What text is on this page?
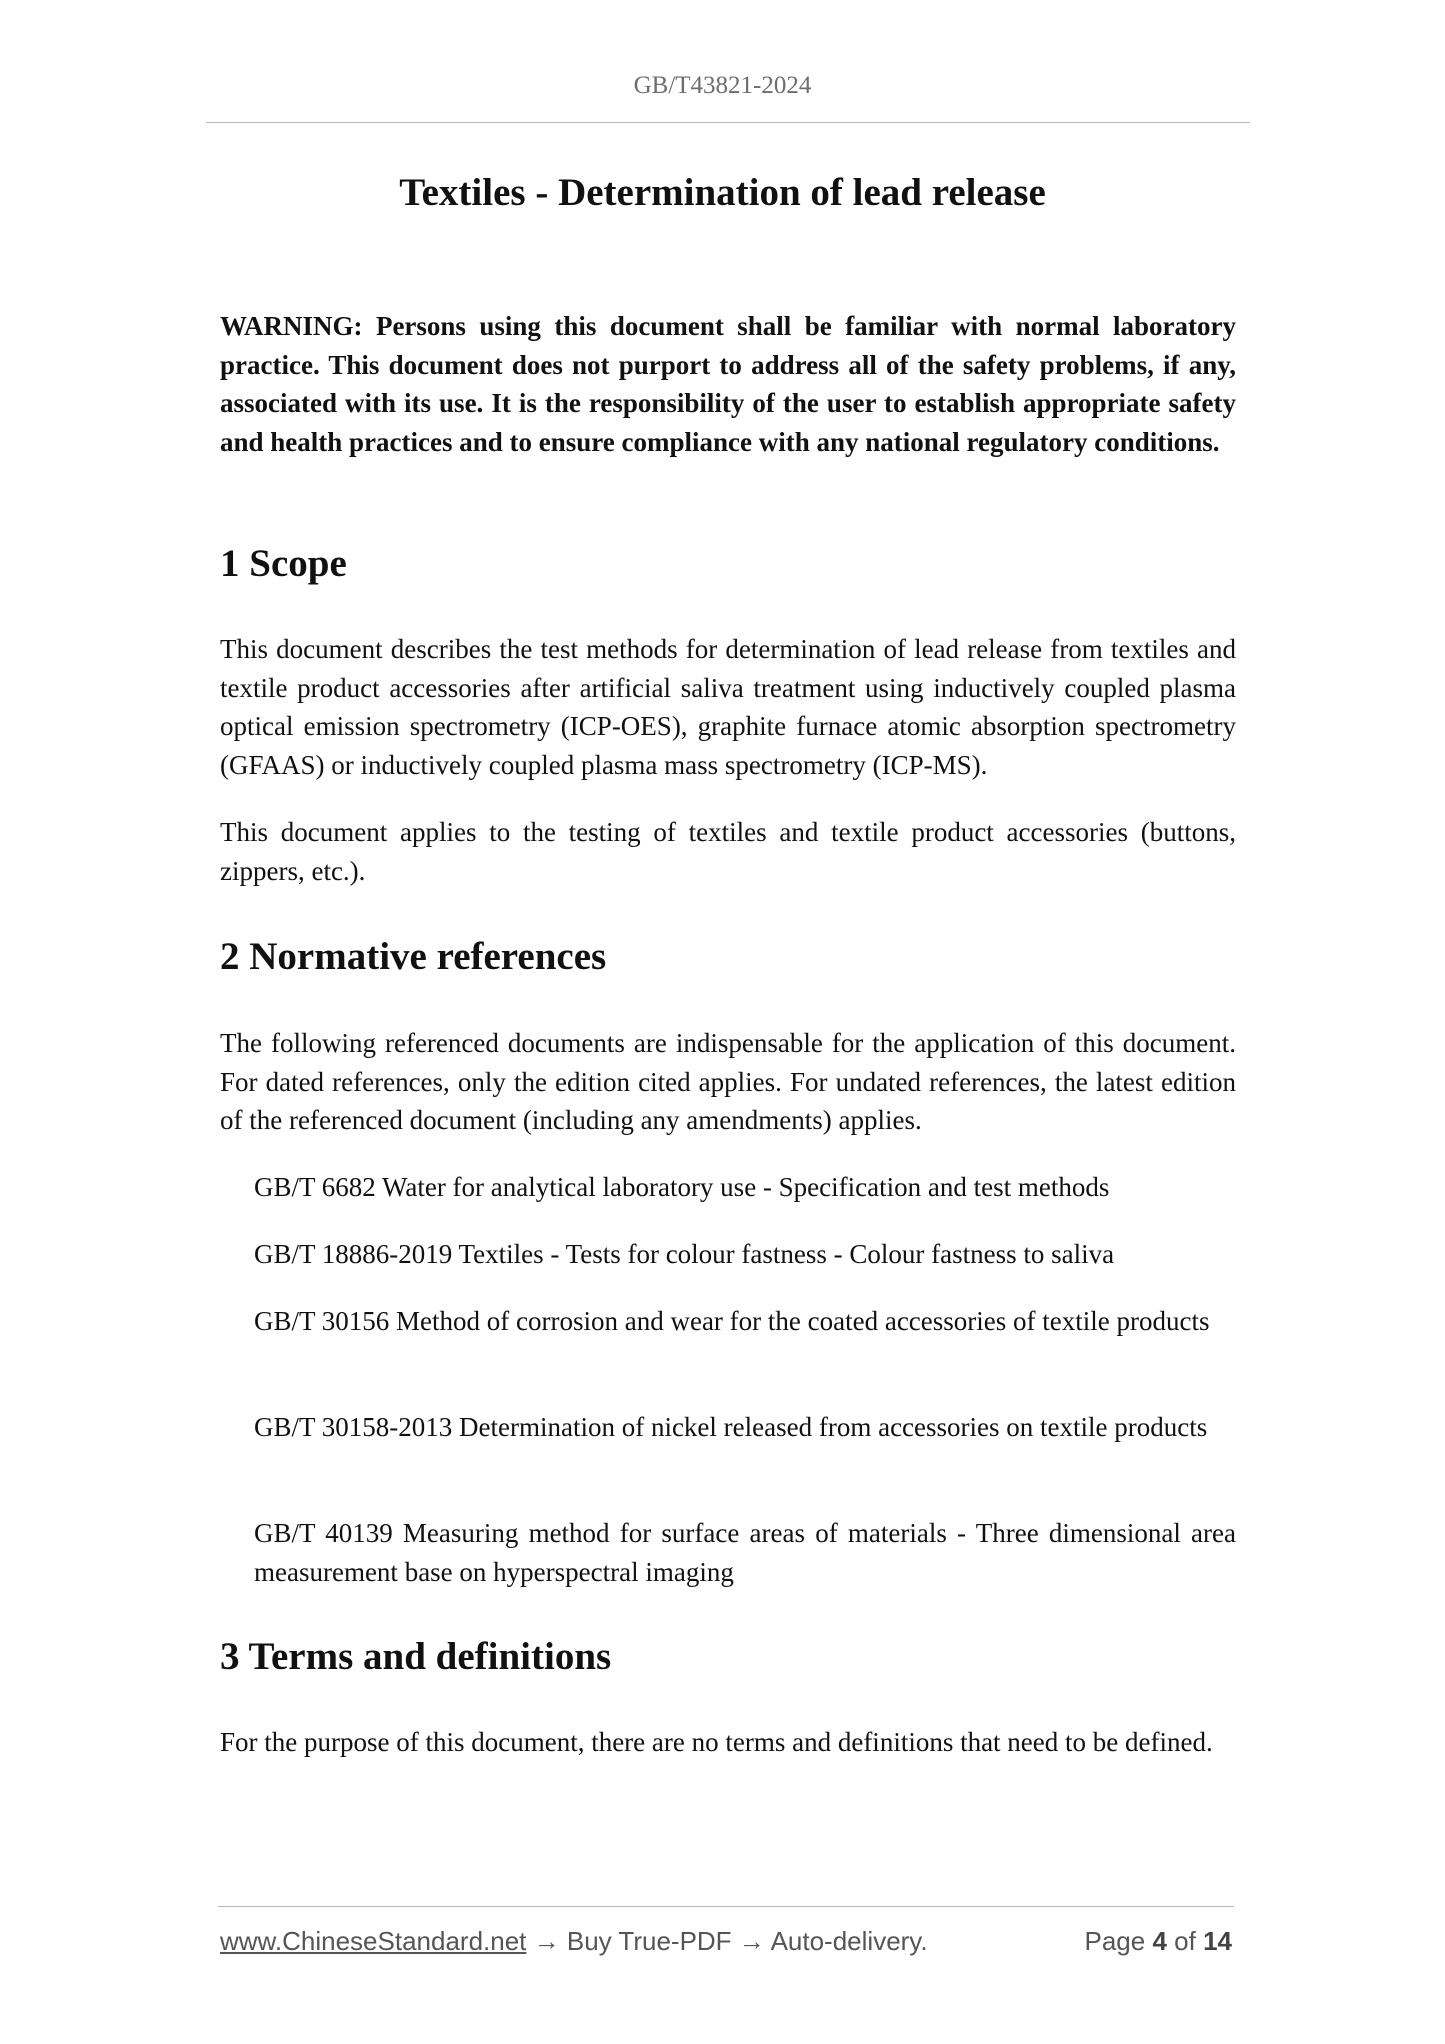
GB/T43821-2024
Textiles - Determination of lead release

WARNING: Persons using this document shall be familiar with normal laboratory practice. This document does not purport to address all of the safety problems, if any, associated with its use. It is the responsibility of the user to establish appropriate safety and health practices and to ensure compliance with any national regulatory conditions.

1 Scope

This document describes the test methods for determination of lead release from textiles and textile product accessories after artificial saliva treatment using inductively coupled plasma optical emission spectrometry (ICP-OES), graphite furnace atomic absorption spectrometry (GFAAS) or inductively coupled plasma mass spectrometry (ICP-MS).

This document applies to the testing of textiles and textile product accessories (buttons, zippers, etc.).

2 Normative references

The following referenced documents are indispensable for the application of this document. For dated references, only the edition cited applies. For undated references, the latest edition of the referenced document (including any amendments) applies.

GB/T 6682 Water for analytical laboratory use - Specification and test methods

GB/T 18886-2019 Textiles - Tests for colour fastness - Colour fastness to saliva

GB/T 30156 Method of corrosion and wear for the coated accessories of textile products

GB/T 30158-2013 Determination of nickel released from accessories on textile products

GB/T 40139 Measuring method for surface areas of materials - Three dimensional area measurement base on hyperspectral imaging

3 Terms and definitions

For the purpose of this document, there are no terms and definitions that need to be defined.

www.ChineseStandard.net → Buy True-PDF → Auto-delivery.	Page 4 of 14
